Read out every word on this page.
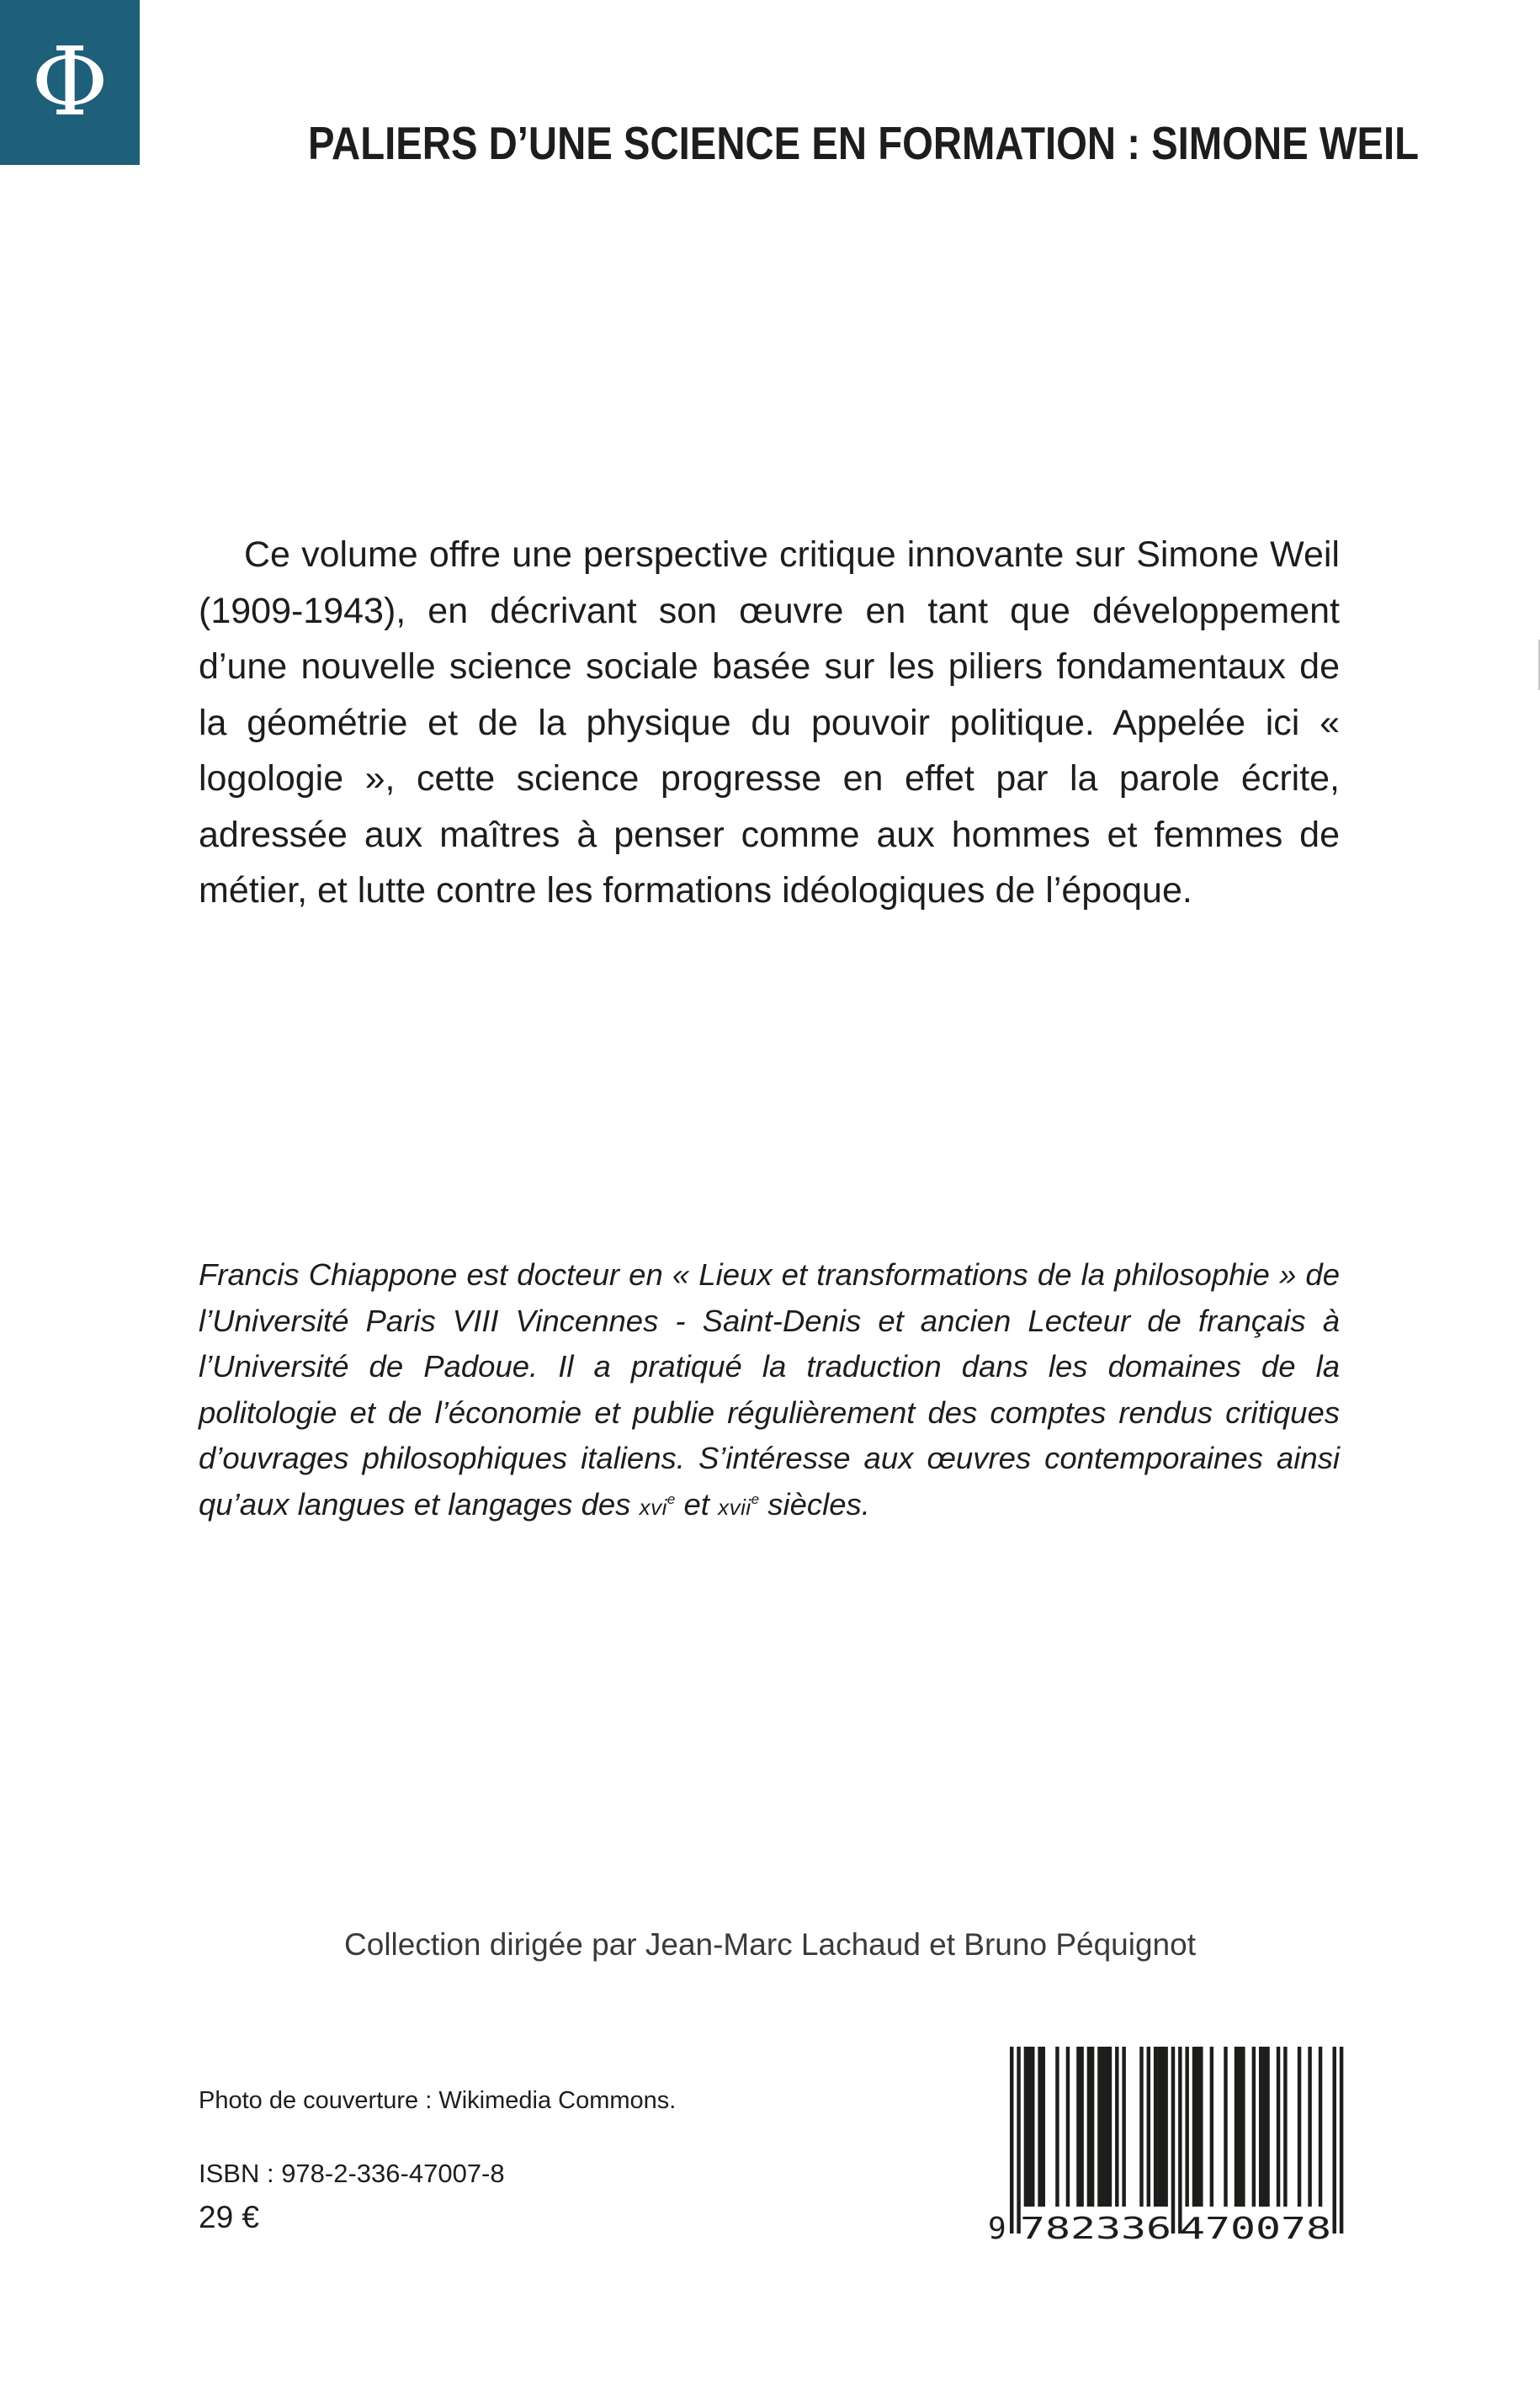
Φ
PALIERS D’UNE SCIENCE EN FORMATION : SIMONE WEIL

Ce volume offre une perspective critique innovante sur Simone Weil (1909-1943), en décrivant son œuvre en tant que développement d’une nouvelle science sociale basée sur les piliers fondamentaux de la géométrie et de la physique du pouvoir politique. Appelée ici « logologie », cette science progresse en effet par la parole écrite, adressée aux maîtres à penser comme aux hommes et femmes de métier, et lutte contre les formations idéologiques de l’époque.

Francis Chiappone est docteur en « Lieux et transformations de la philosophie » de l’Université Paris VIII Vincennes - Saint-Denis et ancien Lecteur de français à l’Université de Padoue. Il a pratiqué la traduction dans les domaines de la politologie et de l’économie et publie régulièrement des comptes rendus critiques d’ouvrages philosophiques italiens. S’intéresse aux œuvres contemporaines ainsi qu’aux langues et langages des xvi$^e$ et xvii$^e$ siècles.

Collection dirigée par Jean-Marc Lachaud et Bruno Péquignot

Photo de couverture : Wikimedia Commons.

ISBN : 978-2-336-47007-8

29 €	9 782336 470078
